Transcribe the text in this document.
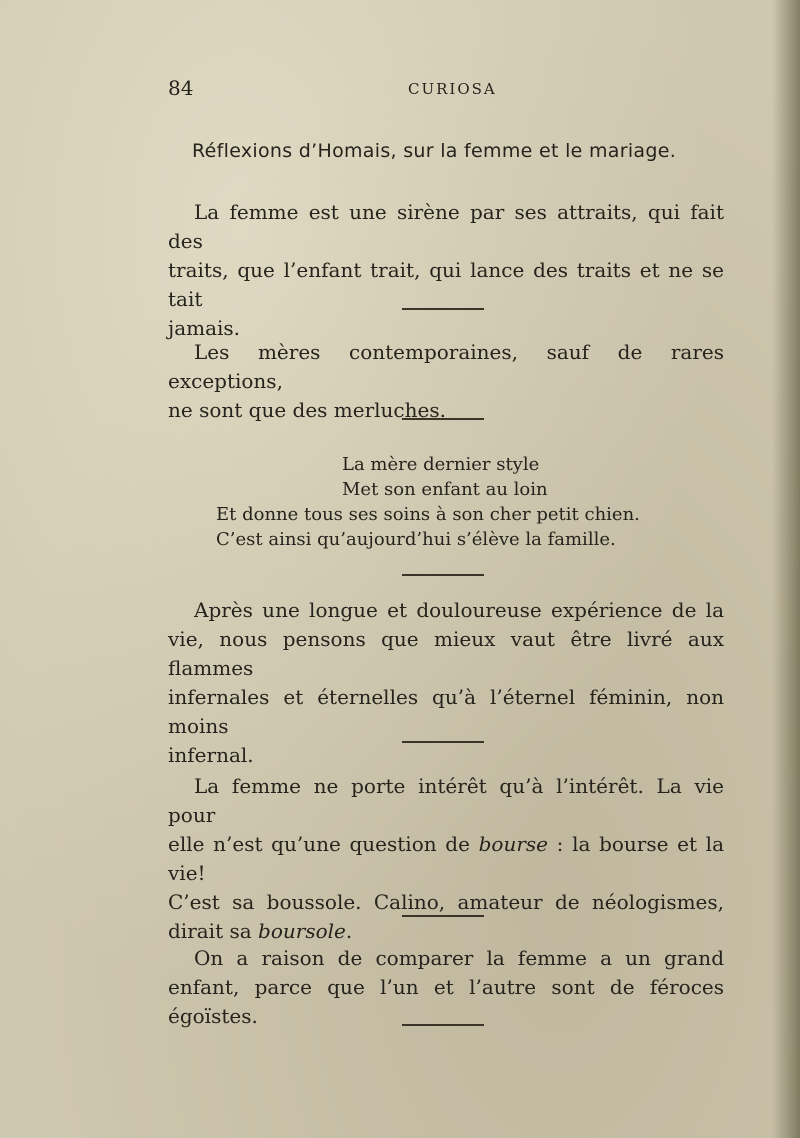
84	CURIOSA
Réflexions d’Homais, sur la femme et le mariage.
La femme est une sirène par ses attraits, qui fait des
traits, que l’enfant trait, qui lance des traits et ne se tait
jamais.
Les mères contemporaines, sauf de rares exceptions,
ne sont que des merluches.
La mère dernier style
Met son enfant au loin
Et donne tous ses soins à son cher petit chien.
C’est ainsi qu’aujourd’hui s’élève la famille.
Après une longue et douloureuse expérience de la
vie, nous pensons que mieux vaut être livré aux flammes
infernales et éternelles qu’à l’éternel féminin, non moins
infernal.
La femme ne porte intérêt qu’à l’intérêt. La vie pour
elle n’est qu’une question de bourse : la bourse et la vie!
C’est sa boussole. Calino, amateur de néologismes,
dirait sa boursole.
On a raison de comparer la femme a un grand
enfant, parce que l’un et l’autre sont de féroces égoïstes.
